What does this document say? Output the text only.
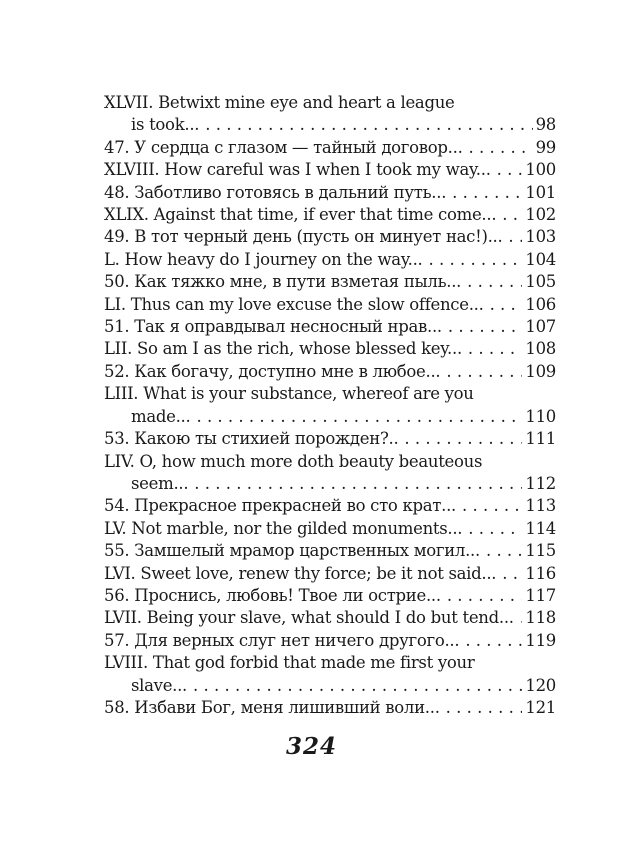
XLVII. Betwixt mine eye and heart a league
is took... . . .	98
47. У сердца с глазом — тайный договор... . . .	99
XLVIII. How careful was I when I took my way... . . . 100
48. Заботливо готовясь в дальний путь... . . .	101
XLIX. Against that time, if ever that time come... . . . 102
49. В тот черный день (пусть он минует нас!)... . . . 103
L. How heavy do I journey on the way... . . .	104
50. Как тяжко мне, в пути взметая пыль... . . .	105
LI. Thus can my love excuse the slow offence... . . .	106
51. Так я оправдывал несносный нрав... . . .	107
LII. So am I as the rich, whose blessed key... . . .	108
52. Как богачу, доступно мне в любое... . . .	109
LIII. What is your substance, whereof are you
made... . . .	110
53. Какою ты стихией порожден?.. . . .	111
LIV. O, how much more doth beauty beauteous
seem... . . .	112
54. Прекрасное прекрасней во сто крат... . . .	113
LV. Not marble, nor the gilded monuments... . . .	114
55. Замшелый мрамор царственных могил... . . .	115
LVI. Sweet love, renew thy force; be it not said... . . . 116
56. Проснись, любовь! Твое ли острие... . . .	117
LVII. Being your slave, what should I do but tend... . . . 118
57. Для верных слуг нет ничего другого... . . .	119
LVIII. That god forbid that made me first your
slave... . . .	120
58. Избави Бог, меня лишивший воли... . . .	121
324
